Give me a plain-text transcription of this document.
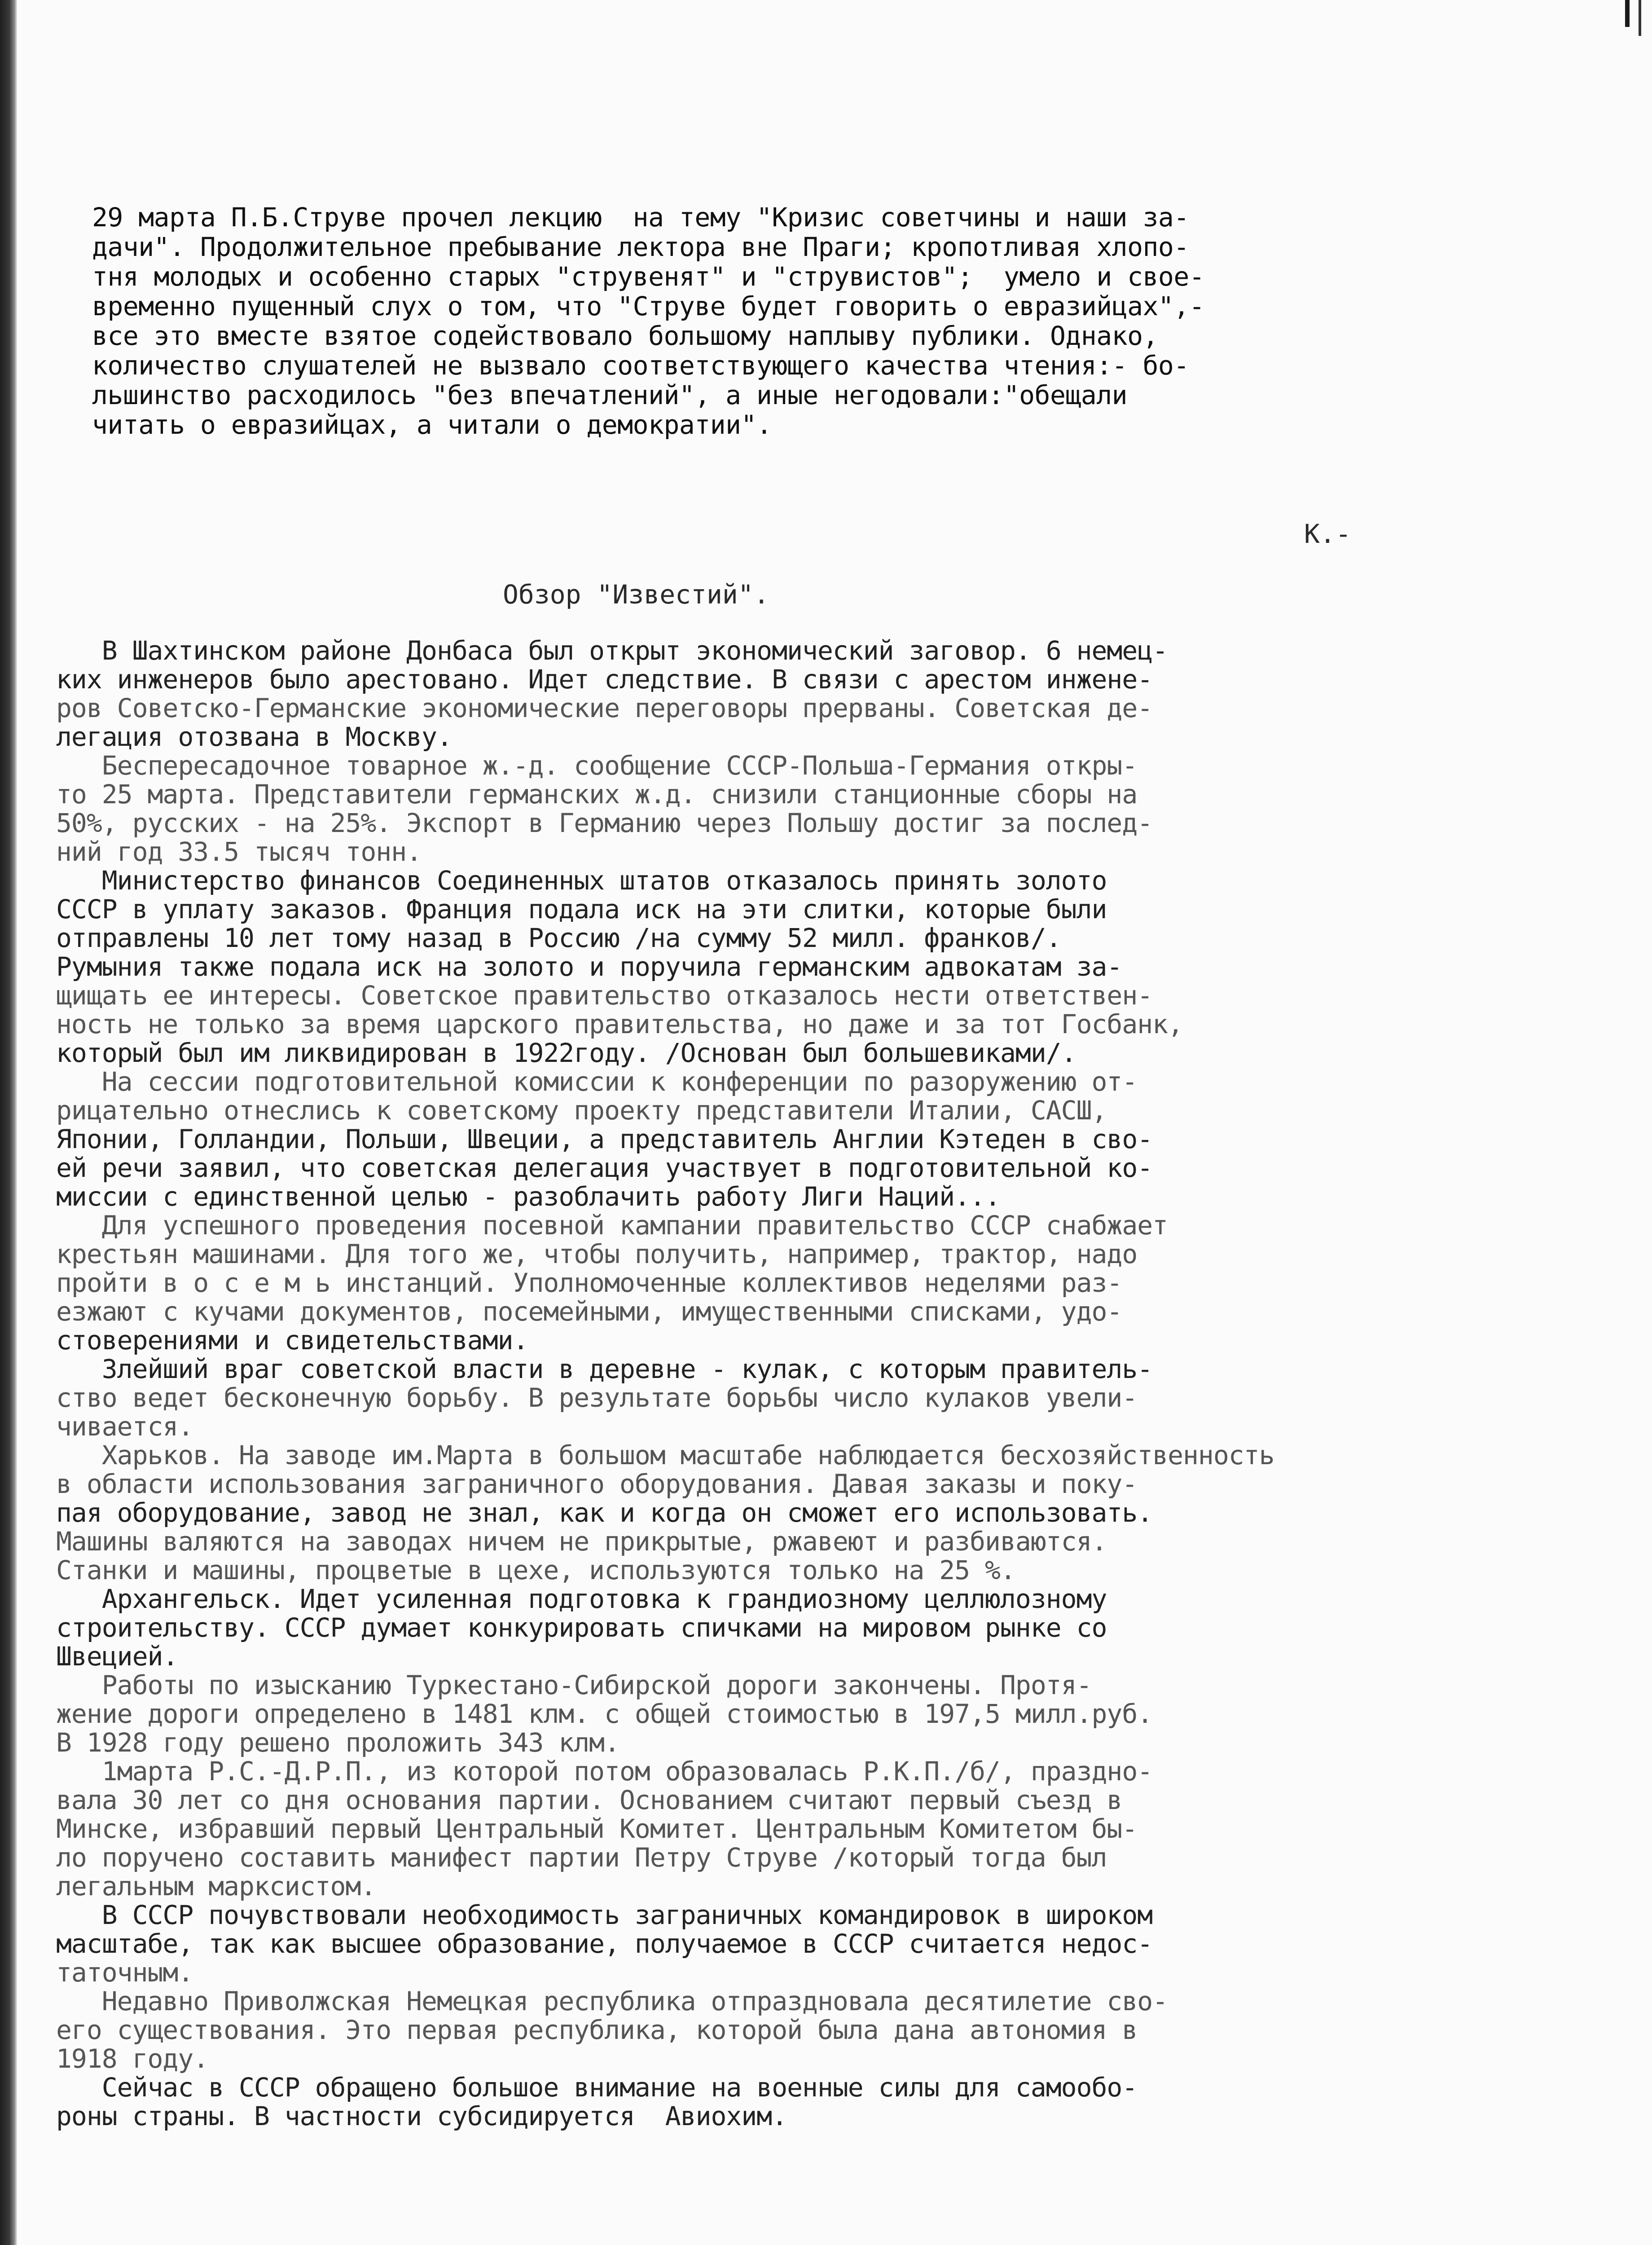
29 марта П.Б.Струве прочел лекцию  на тему "Кризис советчины и наши за-
дачи". Продолжительное пребывание лектора вне Праги; кропотливая хлопо-
тня молодых и особенно старых "струвенят" и "струвистов";  умело и свое-
временно пущенный слух о том, что "Струве будет говорить о евразийцах",-
все это вместе взятое содействовало большому наплыву публики. Однако,
количество слушателей не вызвало соответствующего качества чтения:- бо-
льшинство расходилось "без впечатлений", а иные негодовали:"обещали
читать о евразийцах, а читали о демократии".
К.-
Обзор "Известий".
В Шахтинском районе Донбаса был открыт экономический заговор. 6 немец-
ких инженеров было арестовано. Идет следствие. В связи с арестом инжене-
ров Советско-Германские экономические переговоры прерваны. Советская де-
легация отозвана в Москву.
Беспересадочное товарное ж.-д. сообщение СССР-Польша-Германия откры-
то 25 марта. Представители германских ж.д. снизили станционные сборы на
50%, русских - на 25%. Экспорт в Германию через Польшу достиг за послед-
ний год 33.5 тысяч тонн.
Министерство финансов Соединенных штатов отказалось принять золото
СССР в уплату заказов. Франция подала иск на эти слитки, которые были
отправлены 10 лет тому назад в Россию /на сумму 52 милл. франков/.
Румыния также подала иск на золото и поручила германским адвокатам за-
щищать ее интересы. Советское правительство отказалось нести ответствен-
ность не только за время царского правительства, но даже и за тот Госбанк,
который был им ликвидирован в 1922году. /Основан был большевиками/.
На сессии подготовительной комиссии к конференции по разоружению от-
рицательно отнеслись к советскому проекту представители Италии, САСШ,
Японии, Голландии, Польши, Швеции, а представитель Англии Кэтеден в сво-
ей речи заявил, что советская делегация участвует в подготовительной ко-
миссии с единственной целью - разоблачить работу Лиги Наций...
Для успешного проведения посевной кампании правительство СССР снабжает
крестьян машинами. Для того же, чтобы получить, например, трактор, надо
пройти в о с е м ь инстанций. Уполномоченные коллективов неделями раз-
езжают с кучами документов, посемейными, имущественными списками, удо-
стоверениями и свидетельствами.
Злейший враг советской власти в деревне - кулак, с которым правитель-
ство ведет бесконечную борьбу. В результате борьбы число кулаков увели-
чивается.
Харьков. На заводе им.Марта в большом масштабе наблюдается бесхозяйственность
в области использования заграничного оборудования. Давая заказы и поку-
пая оборудование, завод не знал, как и когда он сможет его использовать.
Машины валяются на заводах ничем не прикрытые, ржавеют и разбиваются.
Станки и машины, процветые в цехе, используются только на 25 %.
Архангельск. Идет усиленная подготовка к грандиозному целлюлозному
строительству. СССР думает конкурировать спичками на мировом рынке со
Швецией.
Работы по изысканию Туркестано-Сибирской дороги закончены. Протя-
жение дороги определено в 1481 клм. с общей стоимостью в 197,5 милл.руб.
В 1928 году решено проложить 343 клм.
1марта Р.С.-Д.Р.П., из которой потом образовалась Р.К.П./б/, праздно-
вала 30 лет со дня основания партии. Основанием считают первый съезд в
Минске, избравший первый Центральный Комитет. Центральным Комитетом бы-
ло поручено составить манифест партии Петру Струве /который тогда был
легальным марксистом.
В СССР почувствовали необходимость заграничных командировок в широком
масштабе, так как высшее образование, получаемое в СССР считается недос-
таточным.
Недавно Приволжская Немецкая республика отпраздновала десятилетие сво-
его существования. Это первая республика, которой была дана автономия в
1918 году.
Сейчас в СССР обращено большое внимание на военные силы для самообо-
роны страны. В частности субсидируется  Авиохим.
